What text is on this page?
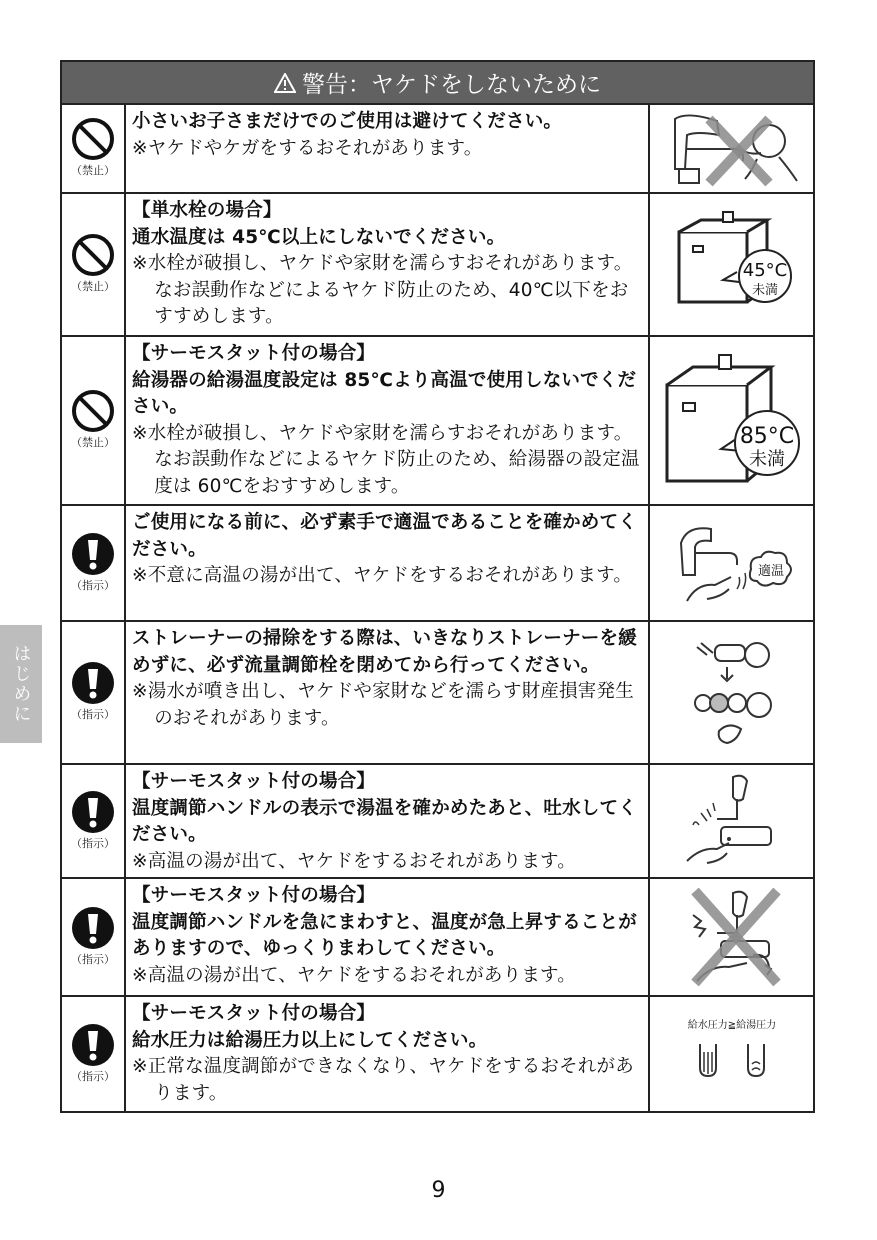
はじめに
警告：ヤケドをしないために
（禁止）
小さいお子さまだけでのご使用は避けてください。
※ヤケドやケガをするおそれがあります。
（禁止）
【単水栓の場合】
通水温度は 45℃以上にしないでください。
※水栓が破損し、ヤケドや家財を濡らすおそれがあります。なお誤動作などによるヤケド防止のため、40℃以下をおすすめします。
45°C
未満
（禁止）
【サーモスタット付の場合】
給湯器の給湯温度設定は 85℃より高温で使用しないでください。
※水栓が破損し、ヤケドや家財を濡らすおそれがあります。なお誤動作などによるヤケド防止のため、給湯器の設定温度は 60℃をおすすめします。
85°C
未満
（指示）
ご使用になる前に、必ず素手で適温であることを確かめてください。
※不意に高温の湯が出て、ヤケドをするおそれがあります。	適温
（指示）
ストレーナーの掃除をする際は、いきなりストレーナーを緩めずに、必ず流量調節栓を閉めてから行ってください。
※湯水が噴き出し、ヤケドや家財などを濡らす財産損害発生のおそれがあります。
（指示）
【サーモスタット付の場合】
温度調節ハンドルの表示で湯温を確かめたあと、吐水してください。
※高温の湯が出て、ヤケドをするおそれがあります。
（指示）
【サーモスタット付の場合】
温度調節ハンドルを急にまわすと、温度が急上昇することがありますので、ゆっくりまわしてください。
※高温の湯が出て、ヤケドをするおそれがあります。
（指示）
【サーモスタット付の場合】
給水圧力は給湯圧力以上にしてください。
※正常な温度調節ができなくなり、ヤケドをするおそれがあります。
給水圧力≧給湯圧力
9
